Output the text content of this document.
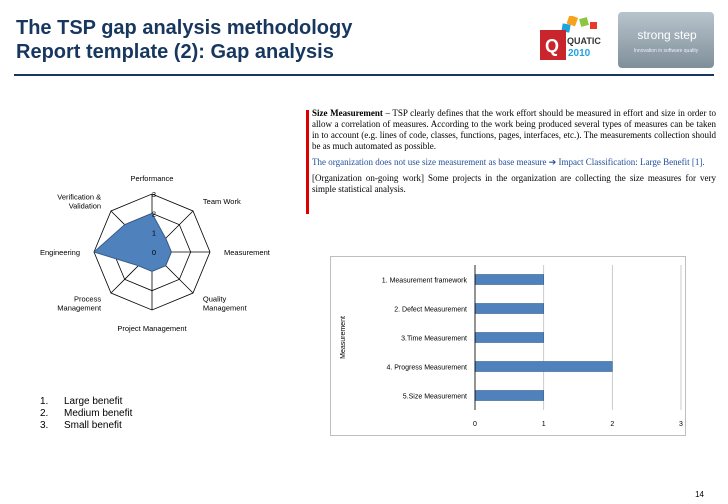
The TSP gap analysis methodology
Report template (2): Gap analysis	Q QUATIC
2010
strong step
Innovation in software quality

Size Measurement – TSP clearly defines that the work effort should be measured in effort and size in order to allow a correlation of measures. According to the work being produced several types of measures can be taken in to account (e.g. lines of code, classes, functions, pages, interfaces, etc.). The measurements collection should be as much automated as possible.

The organization does not use size measurement as base measure ➔ Impact Classification: Large Benefit [1].

[Organization on-going work] Some projects in the organization are collecting the size measures for very simple statistical analysis.

0
1
2
3
Performance
Team Work
Measurement
Quality
Management
Project Management
Process
Management
Engineering
Verification &
Validation
1.	Large benefit
2.	Medium benefit
3.	Small benefit	0	1	2	3
1. Measurement framework
2. Defect Measurement
3.Time Measurement
4. Progress Measurement
5.Size Measurement
Measurement
14
